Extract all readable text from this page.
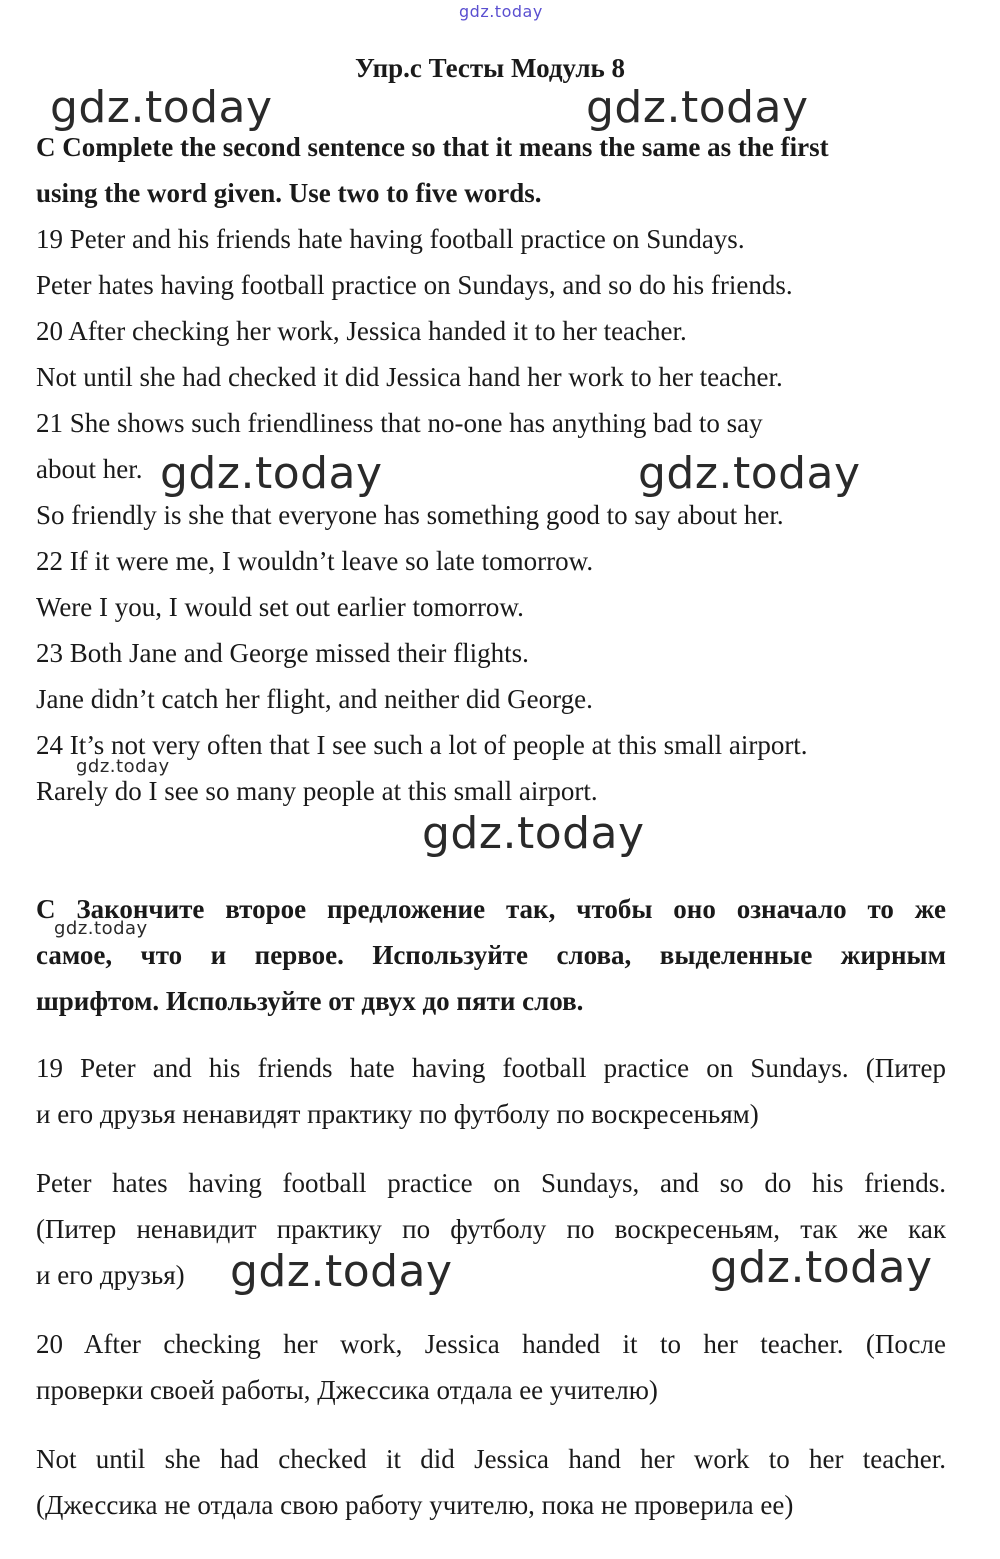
gdz.today
Упр.с Тесты Модуль 8
gdz.today	gdz.today
C Complete the second sentence so that it means the same as the first
using the word given. Use two to five words.
19 Peter and his friends hate having football practice on Sundays.
Peter hates having football practice on Sundays, and so do his friends.
20 After checking her work, Jessica handed it to her teacher.
Not until she had checked it did Jessica hand her work to her teacher.
21 She shows such friendliness that no-one has anything bad to say
about her.
So friendly is she that everyone has something good to say about her.
22 If it were me, I wouldn’t leave so late tomorrow.
Were I you, I would set out earlier tomorrow.
23 Both Jane and George missed their flights.
Jane didn’t catch her flight, and neither did George.
24 It’s not very often that I see such a lot of people at this small airport.
Rarely do I see so many people at this small airport.
gdz.today	gdz.today
gdz.today
gdz.today
C Закончите второе предложение так, чтобы оно означало то же
самое, что и первое. Используйте слова, выделенные жирным
шрифтом. Используйте от двух до пяти слов.
gdz.today
19 Peter and his friends hate having football practice on Sundays. (Питер
и его друзья ненавидят практику по футболу по воскресеньям)
Peter hates having football practice on Sundays, and so do his friends.
(Питер ненавидит практику по футболу по воскресеньям, так же как
и его друзья)	gdz.today	gdz.today
20 After checking her work, Jessica handed it to her teacher. (После
проверки своей работы, Джессика отдала ее учителю)
Not until she had checked it did Jessica hand her work to her teacher.
(Джессика не отдала свою работу учителю, пока не проверила ее)
